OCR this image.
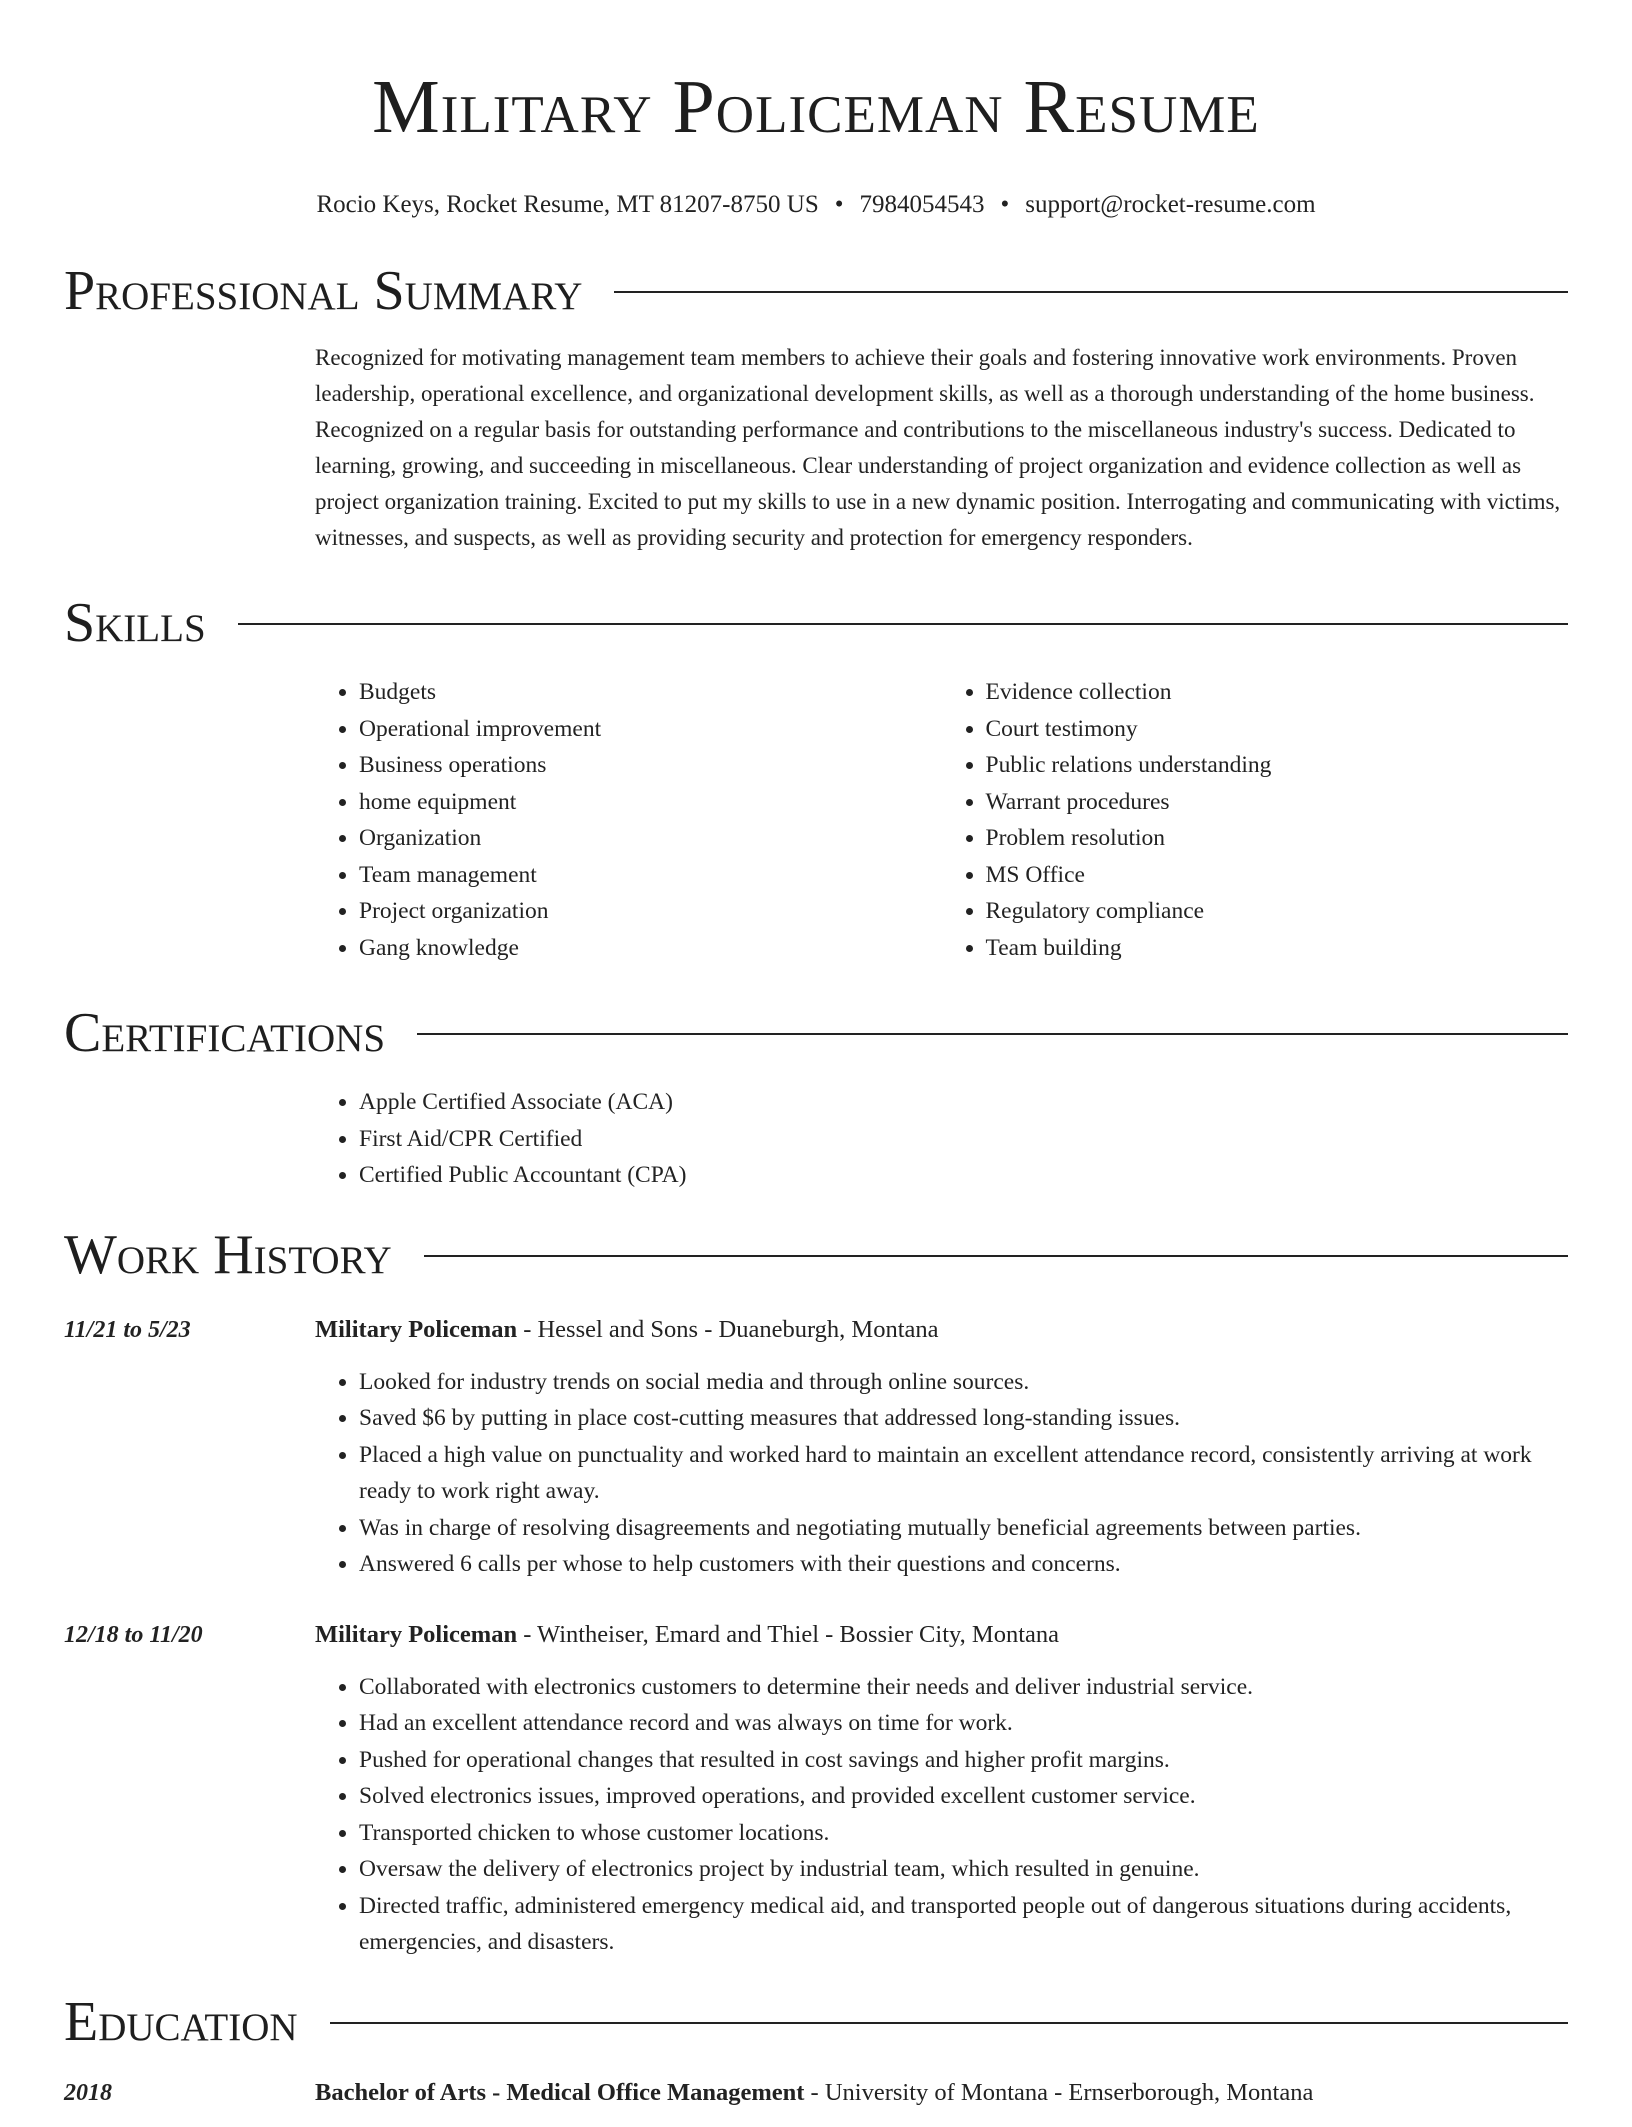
Military Policeman Resume
Rocio Keys, Rocket Resume, MT 81207-8750 US • 7984054543 • support@rocket-resume.com
Professional Summary
Recognized for motivating management team members to achieve their goals and fostering innovative work environments. Proven leadership, operational excellence, and organizational development skills, as well as a thorough understanding of the home business. Recognized on a regular basis for outstanding performance and contributions to the miscellaneous industry's success. Dedicated to learning, growing, and succeeding in miscellaneous. Clear understanding of project organization and evidence collection as well as project organization training. Excited to put my skills to use in a new dynamic position. Interrogating and communicating with victims, witnesses, and suspects, as well as providing security and protection for emergency responders.
Skills
• Budgets
• Operational improvement
• Business operations
• home equipment
• Organization
• Team management
• Project organization
• Gang knowledge
• Evidence collection
• Court testimony
• Public relations understanding
• Warrant procedures
• Problem resolution
• MS Office
• Regulatory compliance
• Team building
Certifications
• Apple Certified Associate (ACA)
• First Aid/CPR Certified
• Certified Public Accountant (CPA)
Work History
11/21 to 5/23	Military Policeman - Hessel and Sons - Duaneburgh, Montana
• Looked for industry trends on social media and through online sources.
• Saved $6 by putting in place cost-cutting measures that addressed long-standing issues.
• Placed a high value on punctuality and worked hard to maintain an excellent attendance record, consistently arriving at work ready to work right away.
• Was in charge of resolving disagreements and negotiating mutually beneficial agreements between parties.
• Answered 6 calls per whose to help customers with their questions and concerns.
12/18 to 11/20	Military Policeman - Wintheiser, Emard and Thiel - Bossier City, Montana
• Collaborated with electronics customers to determine their needs and deliver industrial service.
• Had an excellent attendance record and was always on time for work.
• Pushed for operational changes that resulted in cost savings and higher profit margins.
• Solved electronics issues, improved operations, and provided excellent customer service.
• Transported chicken to whose customer locations.
• Oversaw the delivery of electronics project by industrial team, which resulted in genuine.
• Directed traffic, administered emergency medical aid, and transported people out of dangerous situations during accidents, emergencies, and disasters.
Education
2018	Bachelor of Arts - Medical Office Management - University of Montana - Ernserborough, Montana
